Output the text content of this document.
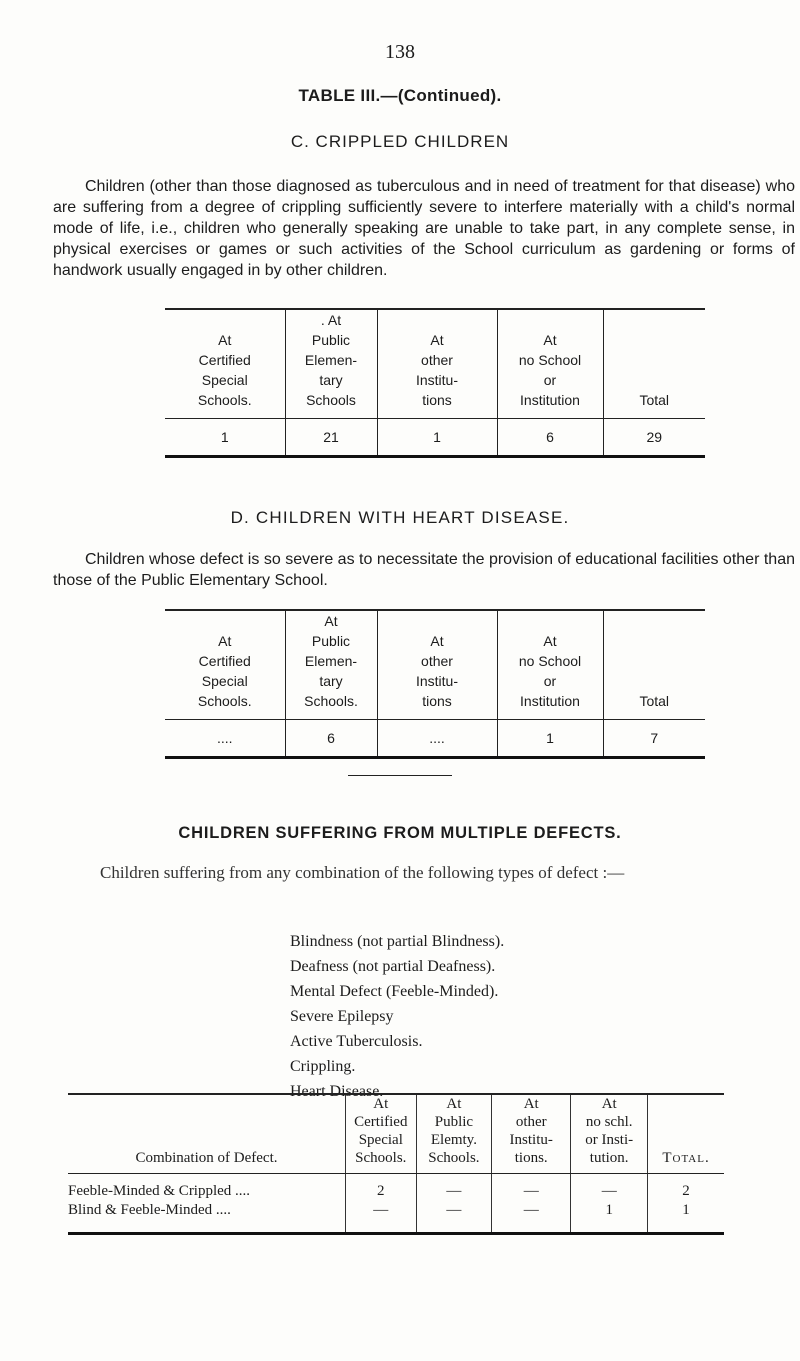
138
TABLE III.—(Continued).
C. CRIPPLED CHILDREN
Children (other than those diagnosed as tuberculous and in need of treatment for that disease) who are suffering from a degree of crippling sufficiently severe to interfere materially with a child's normal mode of life, i.e., children who generally speaking are unable to take part, in any complete sense, in physical exercises or games or such activities of the School curriculum as gardening or forms of handwork usually engaged in by other children.
At
Certified
Special
Schools.	. At
Public
Elemen-
tary
Schools	At
other
Institu-
tions	At
no School
or
Institution	Total
1	21	1	6	29
D. CHILDREN WITH HEART DISEASE.
Children whose defect is so severe as to necessitate the provision of educational facilities other than those of the Public Elementary School.
At
Certified
Special
Schools.	At
Public
Elemen-
tary
Schools.	At
other
Institu-
tions	At
no School
or
Institution	Total
....	6	....	1	7
CHILDREN SUFFERING FROM MULTIPLE DEFECTS.
Children suffering from any combination of the following types of defect :—
Blindness (not partial Blindness).
Deafness (not partial Deafness).
Mental Defect (Feeble-Minded).
Severe Epilepsy
Active Tuberculosis.
Crippling.
Heart Disease.
Combination of Defect.	At
Certified
Special
Schools.	At
Public
Elemty.
Schools.	At
other
Institu-
tions.	At
no schl.
or Insti-
tution.	Total.
Feeble-Minded & Crippled ....	2	—	—	—	2
Blind & Feeble-Minded ....	—	—	—	1	1
